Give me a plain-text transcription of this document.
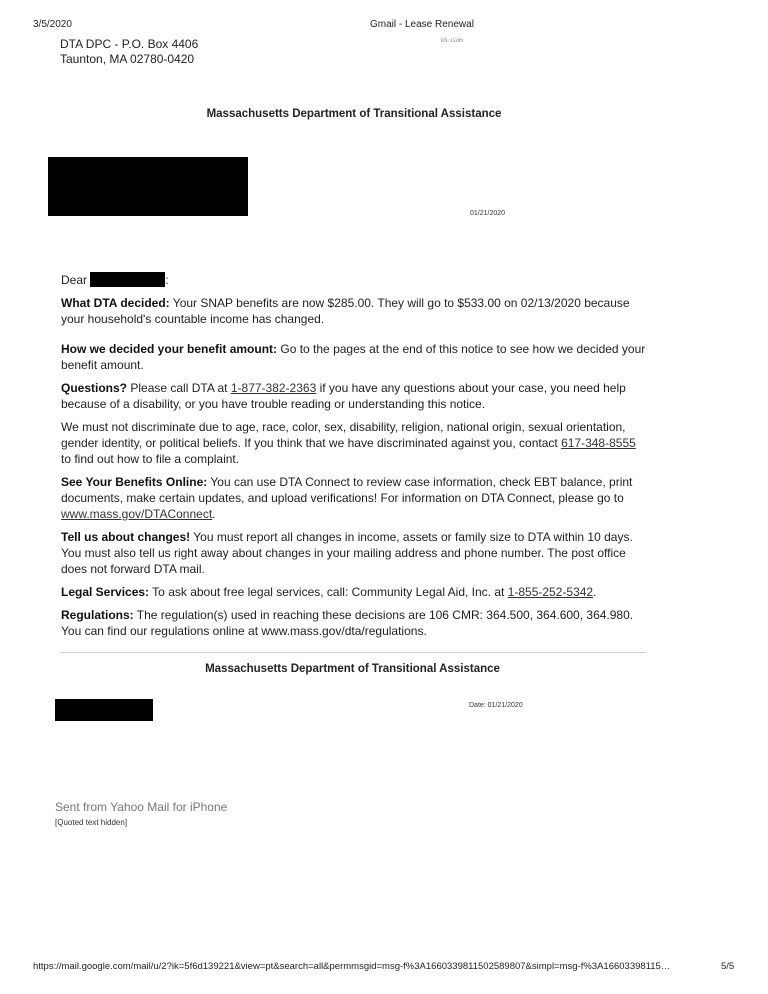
3/5/2020	Gmail - Lease Renewal
DTA DPC - P.O. Box 4406
Taunton, MA 02780-0420
EN: 15209
Massachusetts Department of Transitional Assistance
01/21/2020

Dear	:

What DTA decided: Your SNAP benefits are now $285.00. They will go to $533.00 on 02/13/2020 because your household's countable income has changed.

How we decided your benefit amount: Go to the pages at the end of this notice to see how we decided your benefit amount.

Questions? Please call DTA at 1-877-382-2363 if you have any questions about your case, you need help because of a disability, or you have trouble reading or understanding this notice.

We must not discriminate due to age, race, color, sex, disability, religion, national origin, sexual orientation, gender identity, or political beliefs. If you think that we have discriminated against you, contact 617-348-8555 to find out how to file a complaint.

See Your Benefits Online: You can use DTA Connect to review case information, check EBT balance, print documents, make certain updates, and upload verifications! For information on DTA Connect, please go to www.mass.gov/DTAConnect.

Tell us about changes! You must report all changes in income, assets or family size to DTA within 10 days. You must also tell us right away about changes in your mailing address and phone number. The post office does not forward DTA mail.

Legal Services: To ask about free legal services, call: Community Legal Aid, Inc. at 1-855-252-5342.

Regulations: The regulation(s) used in reaching these decisions are 106 CMR: 364.500, 364.600, 364.980. You can find our regulations online at www.mass.gov/dta/regulations.

Massachusetts Department of Transitional Assistance
Date: 01/21/2020
Sent from Yahoo Mail for iPhone
[Quoted text hidden]
https://mail.google.com/mail/u/2?ik=5f6d139221&view=pt&search=all&permmsgid=msg-f%3A1660339811502589807&simpl=msg-f%3A16603398115…	5/5
